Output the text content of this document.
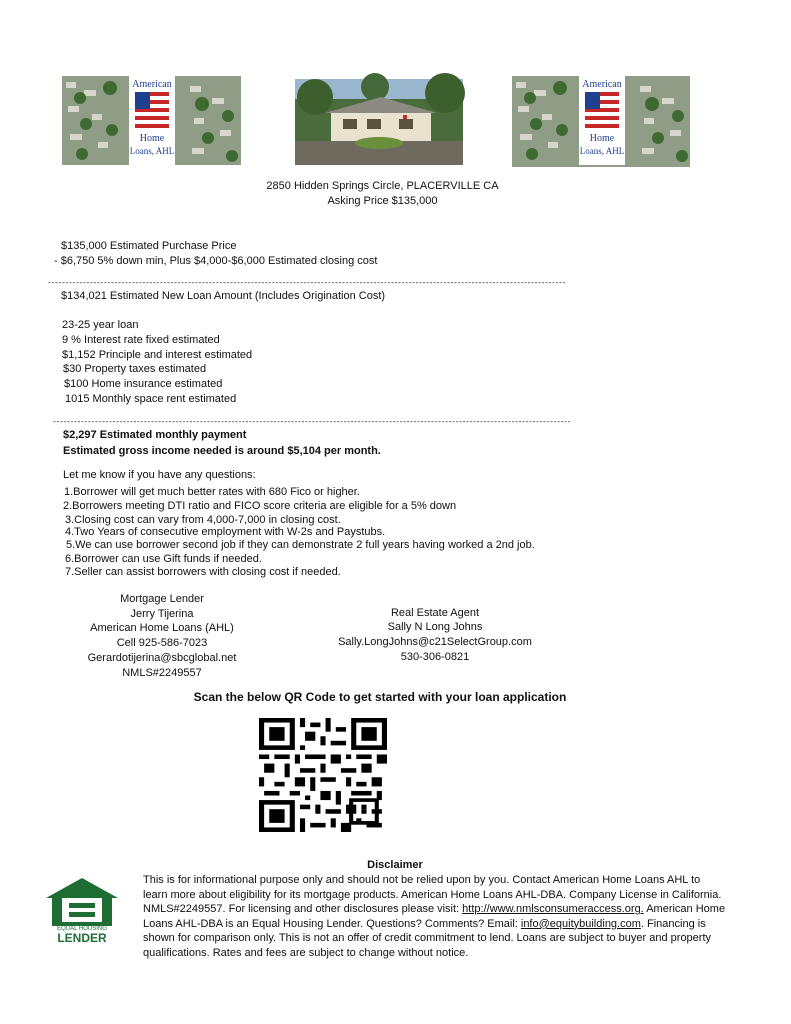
American
Home
Loans, AHL
American
Home
Loans, AHL
2850 Hidden Springs Circle, PLACERVILLE CA
Asking Price $135,000
$135,000 Estimated Purchase Price
- $6,750 5% down min, Plus $4,000-$6,000 Estimated closing cost
----------------------------------------------------------------------------------------------------------------------------------------------------
$134,021 Estimated New Loan Amount (Includes Origination Cost)
23-25 year loan
9 % Interest rate fixed estimated
$1,152 Principle and interest estimated
$30 Property taxes estimated
$100 Home insurance estimated
1015 Monthly space rent estimated
----------------------------------------------------------------------------------------------------------------------------------------------------
$2,297 Estimated monthly payment
Estimated gross income needed is around $5,104 per month.
Let me know if you have any questions:
1.Borrower will get much better rates with 680 Fico or higher.
2.Borrowers meeting DTI ratio and FICO score criteria are eligible for a 5% down
3.Closing cost can vary from 4,000-7,000 in closing cost.
4.Two Years of consecutive employment with W-2s and Paystubs.
5.We can use borrower second job if they can demonstrate 2 full years having worked a 2nd job.
6.Borrower can use Gift funds if needed.
7.Seller can assist borrowers with closing cost if needed.
Mortgage Lender
Jerry Tijerina
American Home Loans (AHL)
Cell 925-586-7023
Gerardotijerina@sbcglobal.net
NMLS#2249557
Real Estate Agent
Sally N Long Johns
Sally.LongJohns@c21SelectGroup.com
530-306-0821
Scan the below QR Code to get started with your loan application
EQUAL HOUSING
LENDER
Disclaimer

This is for informational purpose only and should not be relied upon by you. Contact American Home Loans AHL to

learn more about eligibility for its mortgage products. American Home Loans AHL-DBA. Company License in California.

NMLS#2249557. For licensing and other disclosures please visit: http://www.nmlsconsumeraccess.org. American Home

Loans AHL-DBA is an Equal Housing Lender. Questions? Comments? Email: info@equitybuilding.com. Financing is

shown for comparison only. This is not an offer of credit commitment to lend. Loans are subject to buyer and property

qualifications. Rates and fees are subject to change without notice.
